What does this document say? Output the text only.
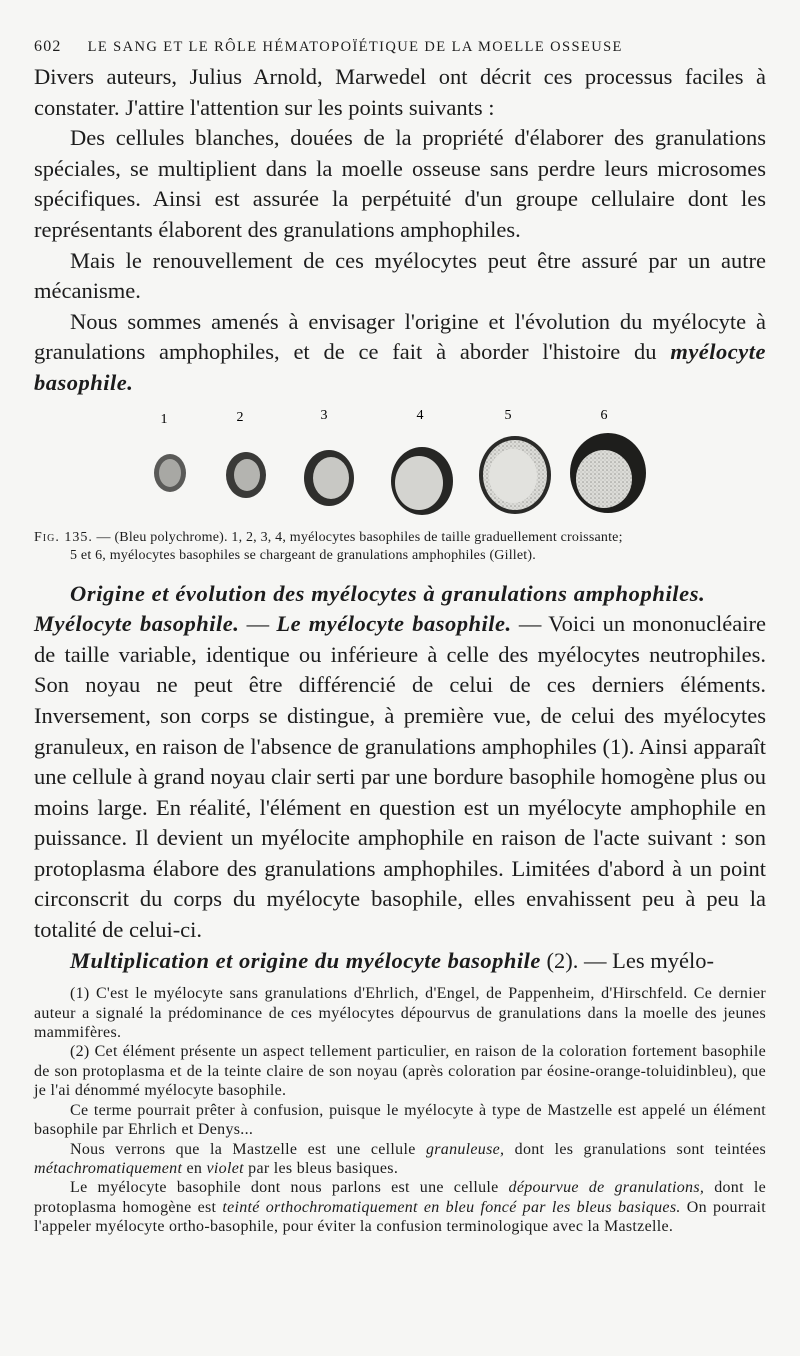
602 LE SANG ET LE RÔLE HÉMATOPOÏÉTIQUE DE LA MOELLE OSSEUSE

Divers auteurs, Julius Arnold, Marwedel ont décrit ces processus faciles à constater. J'attire l'attention sur les points suivants :

Des cellules blanches, douées de la propriété d'élaborer des granulations spéciales, se multiplient dans la moelle osseuse sans perdre leurs microsomes spécifiques. Ainsi est assurée la perpétuité d'un groupe cellulaire dont les représentants élaborent des granulations amphophiles.

Mais le renouvellement de ces myélocytes peut être assuré par un autre mécanisme.

Nous sommes amenés à envisager l'origine et l'évolution du myélocyte à granulations amphophiles, et de ce fait à aborder l'histoire du myélocyte basophile.

1	2	3	4	5	6
Fig. 135. — (Bleu polychrome). 1, 2, 3, 4, myélocytes basophiles de taille graduellement croissante;
5 et 6, myélocytes basophiles se chargeant de granulations amphophiles (Gillet).

Origine et évolution des myélocytes à granulations amphophiles.

Myélocyte basophile. — Le myélocyte basophile. — Voici un mononucléaire de taille variable, identique ou inférieure à celle des myélocytes neutrophiles. Son noyau ne peut être différencié de celui de ces derniers éléments. Inversement, son corps se distingue, à première vue, de celui des myélocytes granuleux, en raison de l'absence de granulations amphophiles (1). Ainsi apparaît une cellule à grand noyau clair serti par une bordure basophile homogène plus ou moins large. En réalité, l'élément en question est un myélocyte amphophile en puissance. Il devient un myélocite amphophile en raison de l'acte suivant : son protoplasma élabore des granulations amphophiles. Limitées d'abord à un point circonscrit du corps du myélocyte basophile, elles envahissent peu à peu la totalité de celui-ci.

Multiplication et origine du myélocyte basophile (2). — Les myélo-

(1) C'est le myélocyte sans granulations d'Ehrlich, d'Engel, de Pappenheim, d'Hirschfeld. Ce dernier auteur a signalé la prédominance de ces myélocytes dépourvus de granulations dans la moelle des jeunes mammifères.

(2) Cet élément présente un aspect tellement particulier, en raison de la coloration fortement basophile de son protoplasma et de la teinte claire de son noyau (après coloration par éosine-orange-toluidinbleu), que je l'ai dénommé myélocyte basophile.

Ce terme pourrait prêter à confusion, puisque le myélocyte à type de Mastzelle est appelé un élément basophile par Ehrlich et Denys...

Nous verrons que la Mastzelle est une cellule granuleuse, dont les granulations sont teintées métachromatiquement en violet par les bleus basiques.

Le myélocyte basophile dont nous parlons est une cellule dépourvue de granulations, dont le protoplasma homogène est teinté orthochromatiquement en bleu foncé par les bleus basiques. On pourrait l'appeler myélocyte ortho-basophile, pour éviter la confusion terminologique avec la Mastzelle.
